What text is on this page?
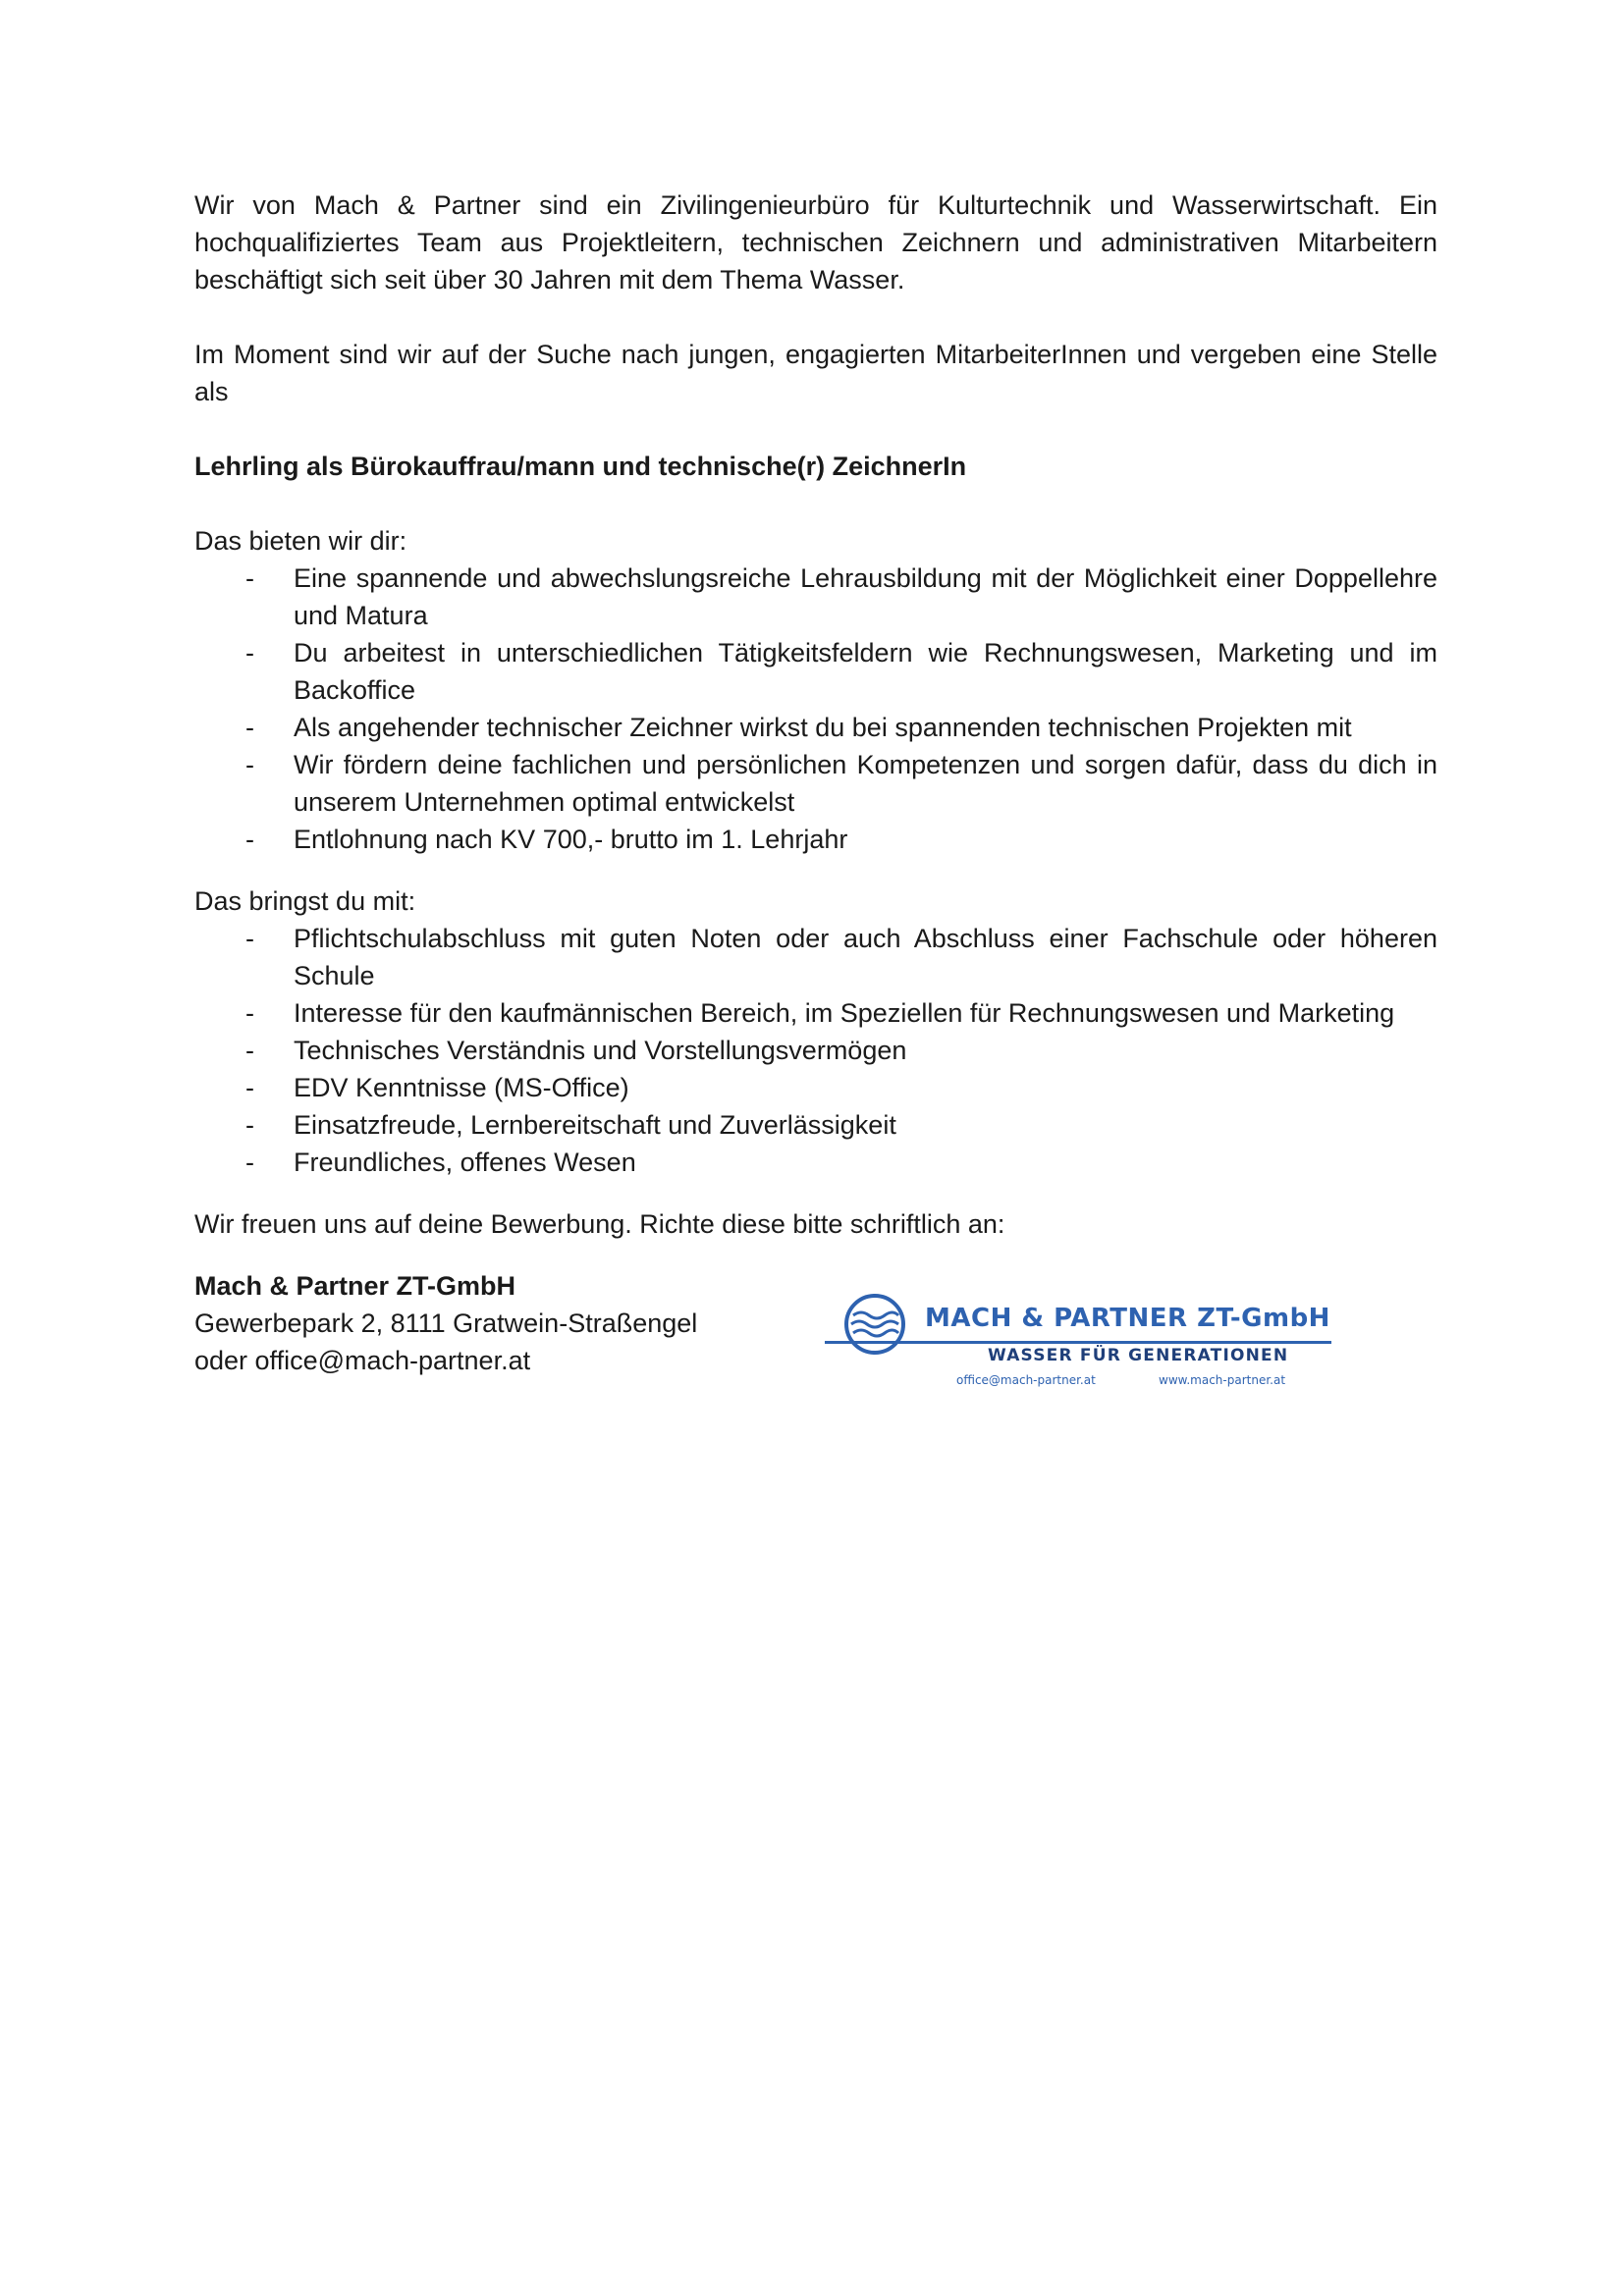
Wir von Mach & Partner sind ein Zivilingenieurbüro für Kulturtechnik und Wasserwirtschaft. Ein hochqualifiziertes Team aus Projektleitern, technischen Zeichnern und administrativen Mitarbeitern beschäftigt sich seit über 30 Jahren mit dem Thema Wasser.

Im Moment sind wir auf der Suche nach jungen, engagierten MitarbeiterInnen und vergeben eine Stelle als

Lehrling als Bürokauffrau/mann und technische(r) ZeichnerIn

Das bieten wir dir:

- Eine spannende und abwechslungsreiche Lehrausbildung mit der Möglichkeit einer Doppellehre und Matura
- Du arbeitest in unterschiedlichen Tätigkeitsfeldern wie Rechnungswesen, Marketing und im Backoffice
- Als angehender technischer Zeichner wirkst du bei spannenden technischen Projekten mit
- Wir fördern deine fachlichen und persönlichen Kompetenzen und sorgen dafür, dass du dich in unserem Unternehmen optimal entwickelst
- Entlohnung nach KV 700,- brutto im 1. Lehrjahr

Das bringst du mit:

- Pflichtschulabschluss mit guten Noten oder auch Abschluss einer Fachschule oder höheren Schule
- Interesse für den kaufmännischen Bereich, im Speziellen für Rechnungswesen und Marketing
- Technisches Verständnis und Vorstellungsvermögen
- EDV Kenntnisse (MS-Office)
- Einsatzfreude, Lernbereitschaft und Zuverlässigkeit
- Freundliches, offenes Wesen

Wir freuen uns auf deine Bewerbung. Richte diese bitte schriftlich an:

Mach & Partner ZT-GmbH
Gewerbepark 2, 8111 Gratwein-Straßengel
oder office@mach-partner.at
MACH & PARTNER ZT-GmbH
WASSER FÜR GENERATIONEN
office@mach-partner.at	www.mach-partner.at
